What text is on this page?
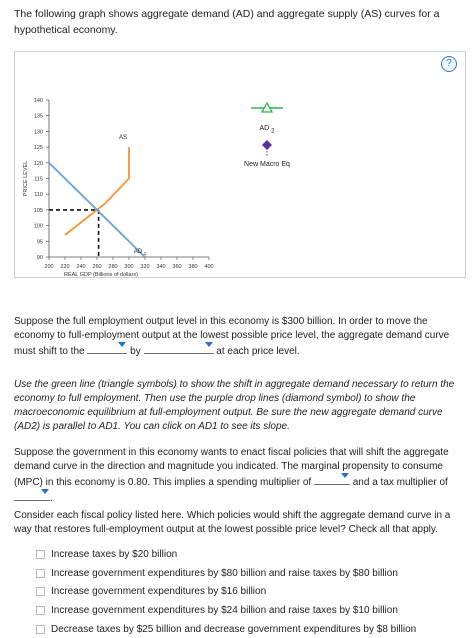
The following graph shows aggregate demand (AD) and aggregate supply (AS) curves for a hypothetical economy.
?
90
95
100
105
110
115
120
125
130
135
140
200 220 240 260 280 300 320 340 360 380 400
REAL GDP (Billions of dollars)
PRICE LEVEL
AS
AD 1
AD $_2$
New Macro Eq
Suppose the full employment output level in this economy is $300 billion. In order to move the economy to full-employment output at the lowest possible price level, the aggregate demand curve must shift to the	by	at each price level.
Use the green line (triangle symbols) to show the shift in aggregate demand necessary to return the economy to full employment. Then use the purple drop lines (diamond symbol) to show the macroeconomic equilibrium at full-employment output. Be sure the new aggregate demand curve (AD2) is parallel to AD1. You can click on AD1 to see its slope.
Suppose the government in this economy wants to enact fiscal policies that will shift the aggregate demand curve in the direction and magnitude you indicated. The marginal propensity to consume (MPC) in this economy is 0.80. This implies a spending multiplier of	and a tax multiplier of
.
Consider each fiscal policy listed here. Which policies would shift the aggregate demand curve in a way that restores full-employment output at the lowest possible price level? Check all that apply.
Increase taxes by $20 billion
Increase government expenditures by $80 billion and raise taxes by $80 billion
Increase government expenditures by $16 billion
Increase government expenditures by $24 billion and raise taxes by $10 billion
Decrease taxes by $25 billion and decrease government expenditures by $8 billion
